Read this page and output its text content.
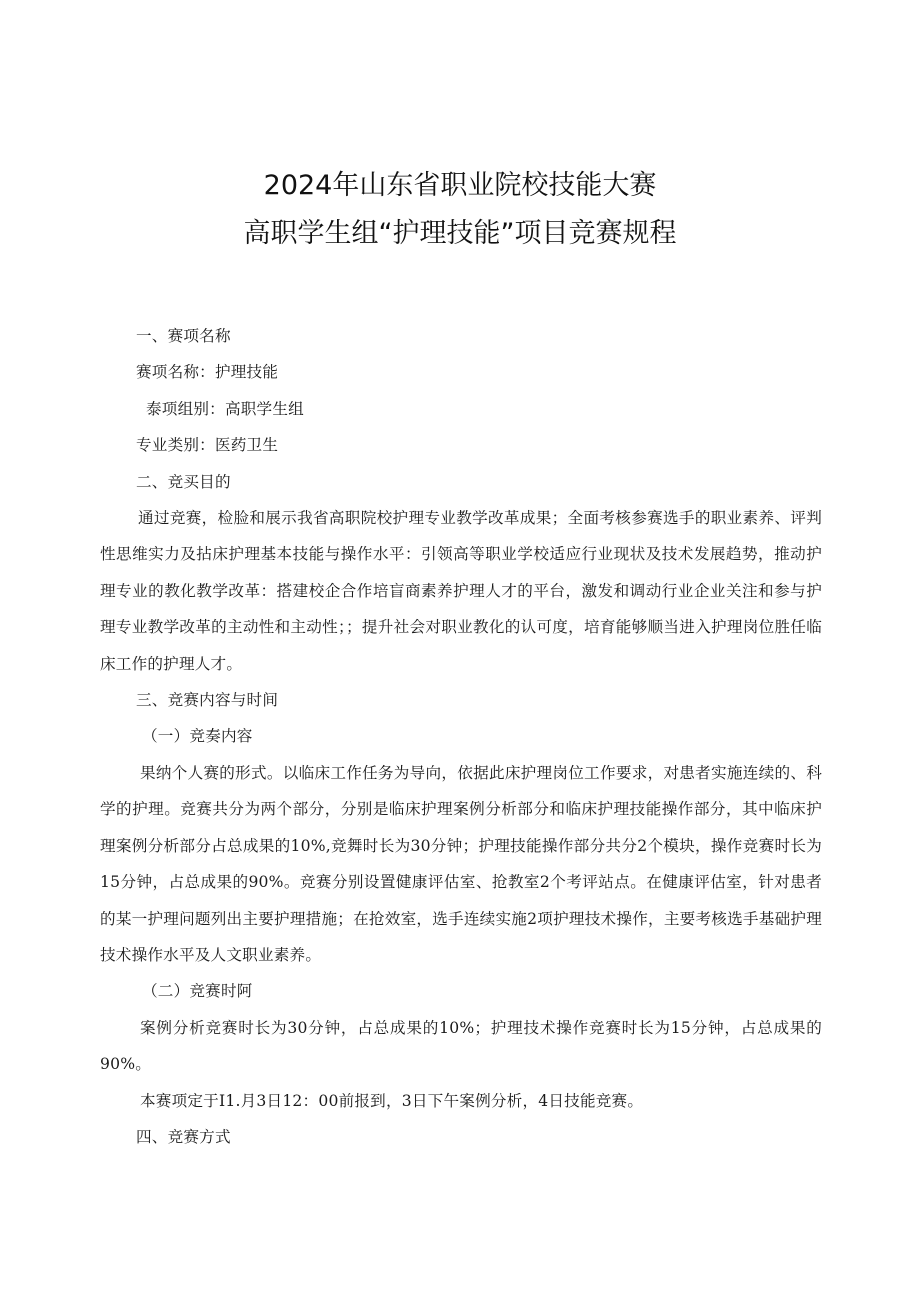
2024年山东省职业院校技能大赛
高职学生组“护理技能”项目竞赛规程
一、赛项名称
赛项名称：护理技能
泰项组别：高职学生组
专业类别：医药卫生
二、竞买目的
通过竞赛，检脸和展示我省高职院校护理专业教学改革成果；全面考核参赛选手的职业素养、评判性思维实力及拈床护理基本技能与操作水平：引领高等职业学校适应行业现状及技术发展趋势，推动护理专业的教化教学改革：搭建校企合作培盲商素养护理人才的平台，激发和调动行业企业关注和参与护理专业教学改革的主动性和主动性；；提升社会对职业教化的认可度，培育能够顺当进入护理岗位胜任临床工作的护理人才。
三、竞赛内容与时间
（一）竞奏内容
果纳个人赛的形式。以临床工作任务为导向，依据此床护理岗位工作要求，对患者实施连续的、科学的护理。竞赛共分为两个部分，分别是临床护理案例分析部分和临床护理技能操作部分，其中临床护理案例分析部分占总成果的10%,竞舞时长为30分钟；护理技能操作部分共分2个模块，操作竞赛时长为15分钟，占总成果的90%。竞赛分别设置健康评估室、抢教室2个考评站点。在健康评估室，针对患者的某一护理问题列出主要护理措施；在抢效室，选手连续实施2项护理技术操作，主要考核选手基础护理技术操作水平及人文职业素养。
（二）竞赛时阿
案例分析竞赛时长为30分钟，占总成果的10%；护理技术操作竞赛时长为15分钟，占总成果的90%。
本赛项定于I1.月3日12：00前报到，3日下午案例分析，4日技能竞赛。
四、竞赛方式
